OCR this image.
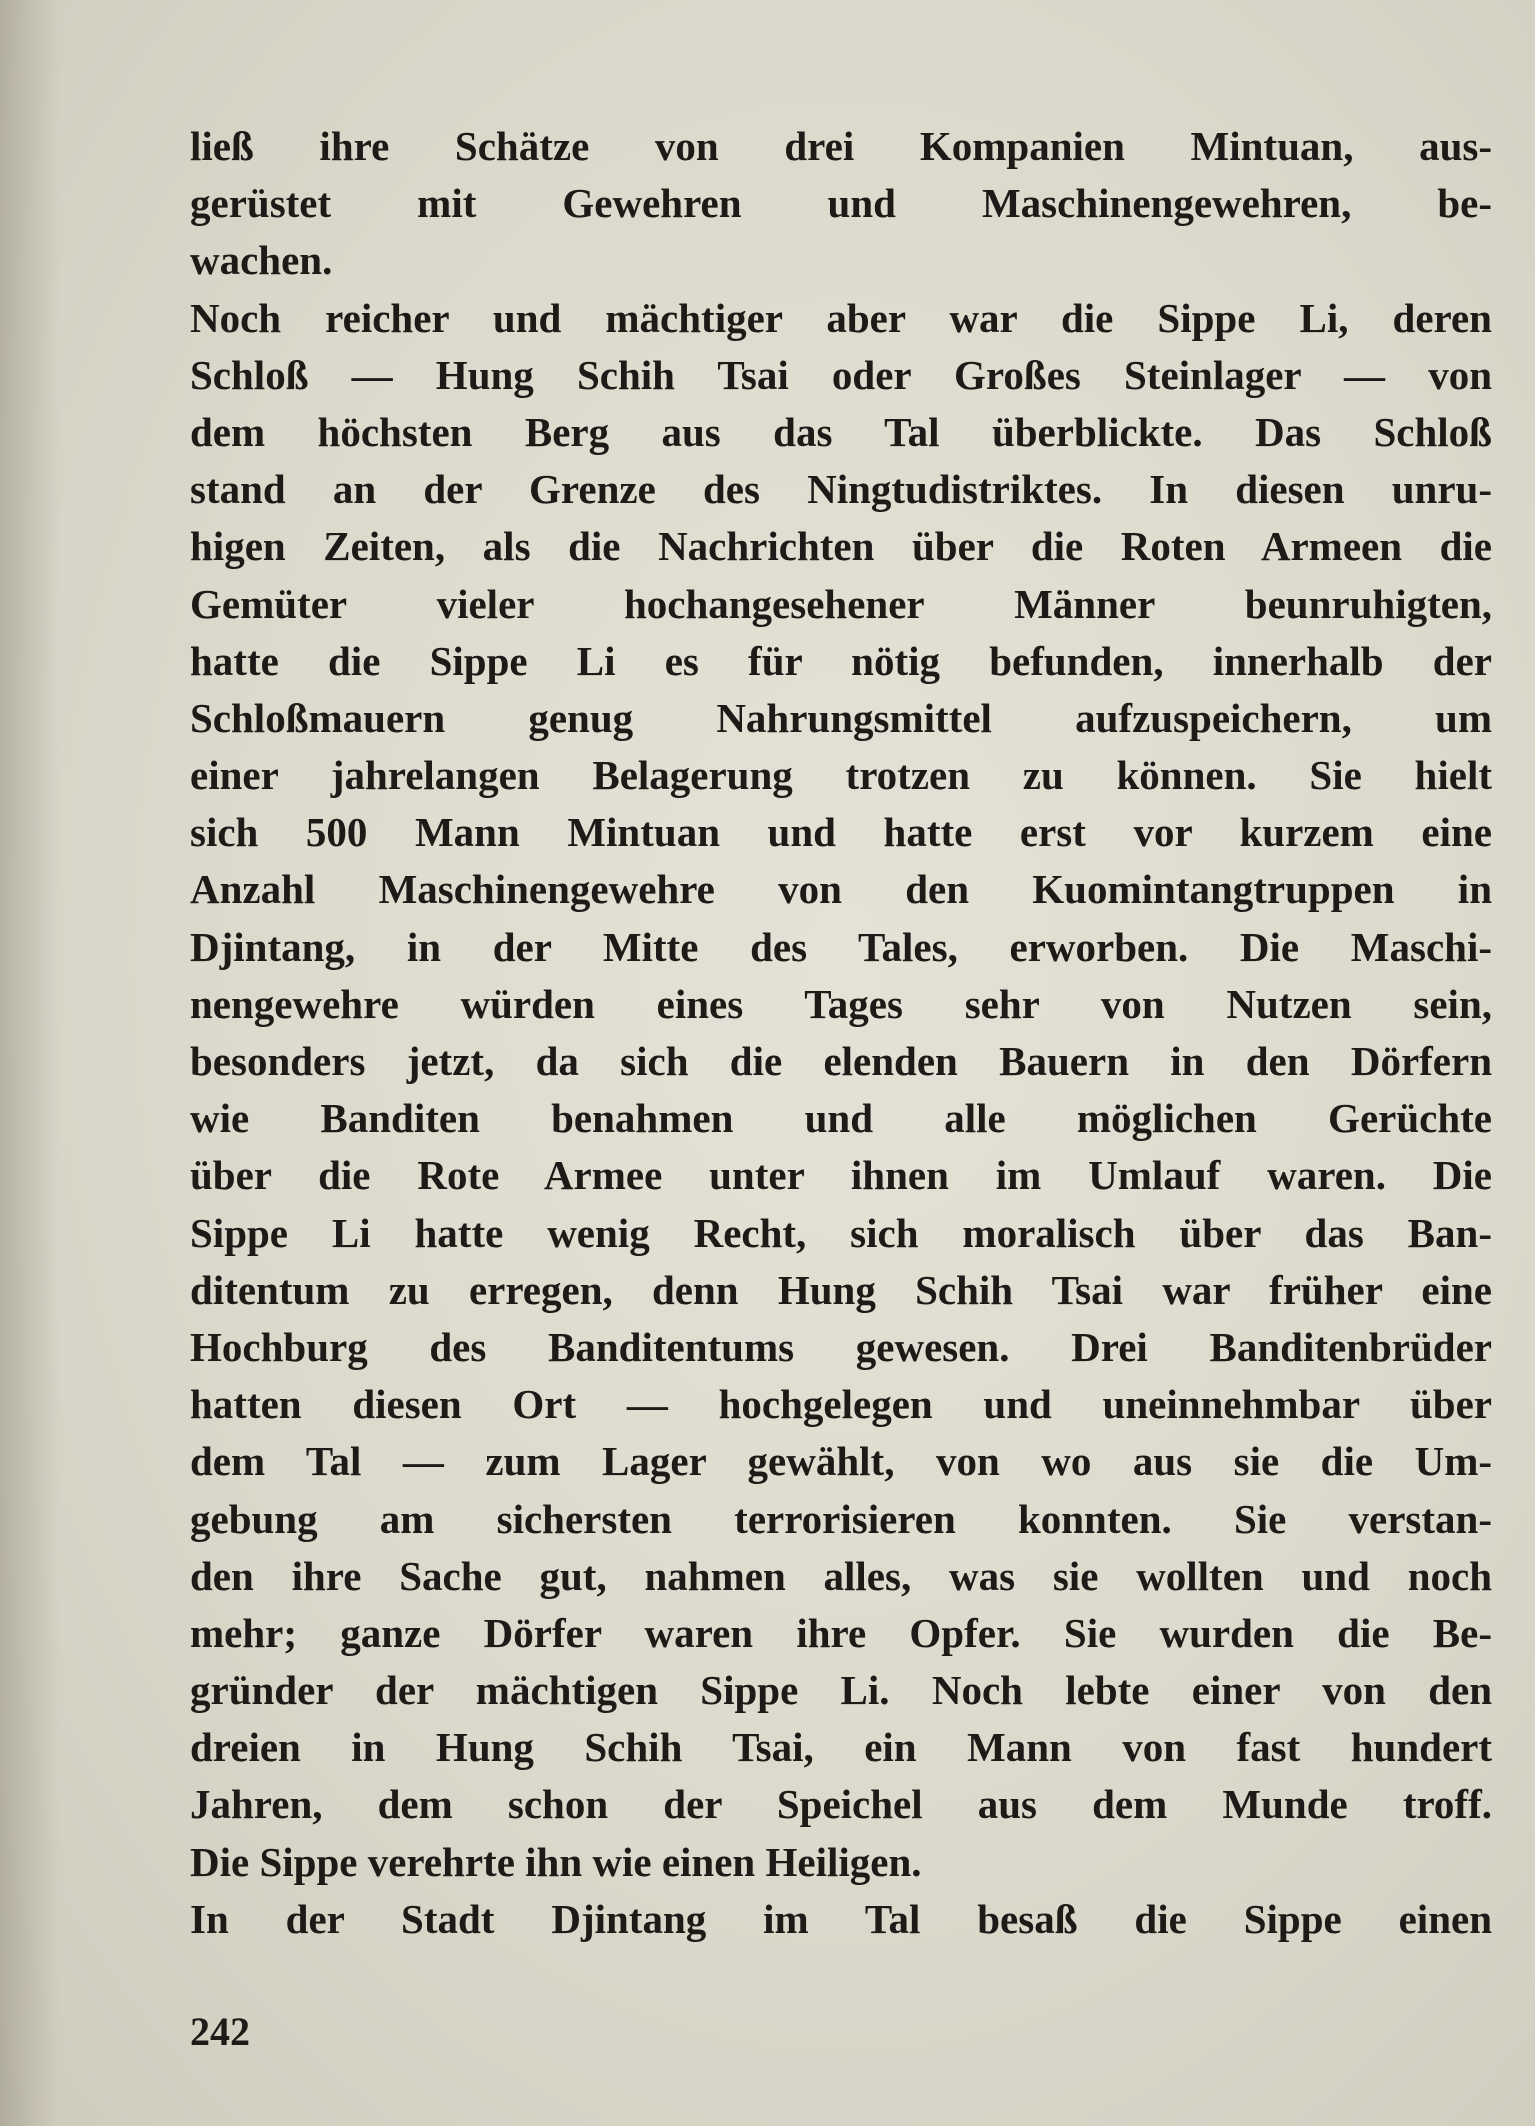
ließ ihre Schätze von drei Kompanien Mintuan, aus-
gerüstet mit Gewehren und Maschinengewehren, be-
wachen.
Noch reicher und mächtiger aber war die Sippe Li, deren
Schloß — Hung Schih Tsai oder Großes Steinlager — von
dem höchsten Berg aus das Tal überblickte. Das Schloß
stand an der Grenze des Ningtudistriktes. In diesen unru-
higen Zeiten, als die Nachrichten über die Roten Armeen die
Gemüter vieler hochangesehener Männer beunruhigten,
hatte die Sippe Li es für nötig befunden, innerhalb der
Schloßmauern genug Nahrungsmittel aufzuspeichern, um
einer jahrelangen Belagerung trotzen zu können. Sie hielt
sich 500 Mann Mintuan und hatte erst vor kurzem eine
Anzahl Maschinengewehre von den Kuomintangtruppen in
Djintang, in der Mitte des Tales, erworben. Die Maschi-
nengewehre würden eines Tages sehr von Nutzen sein,
besonders jetzt, da sich die elenden Bauern in den Dörfern
wie Banditen benahmen und alle möglichen Gerüchte
über die Rote Armee unter ihnen im Umlauf waren. Die
Sippe Li hatte wenig Recht, sich moralisch über das Ban-
ditentum zu erregen, denn Hung Schih Tsai war früher eine
Hochburg des Banditentums gewesen. Drei Banditenbrüder
hatten diesen Ort — hochgelegen und uneinnehmbar über
dem Tal — zum Lager gewählt, von wo aus sie die Um-
gebung am sichersten terrorisieren konnten. Sie verstan-
den ihre Sache gut, nahmen alles, was sie wollten und noch
mehr; ganze Dörfer waren ihre Opfer. Sie wurden die Be-
gründer der mächtigen Sippe Li. Noch lebte einer von den
dreien in Hung Schih Tsai, ein Mann von fast hundert
Jahren, dem schon der Speichel aus dem Munde troff.
Die Sippe verehrte ihn wie einen Heiligen.
In der Stadt Djintang im Tal besaß die Sippe einen
242
